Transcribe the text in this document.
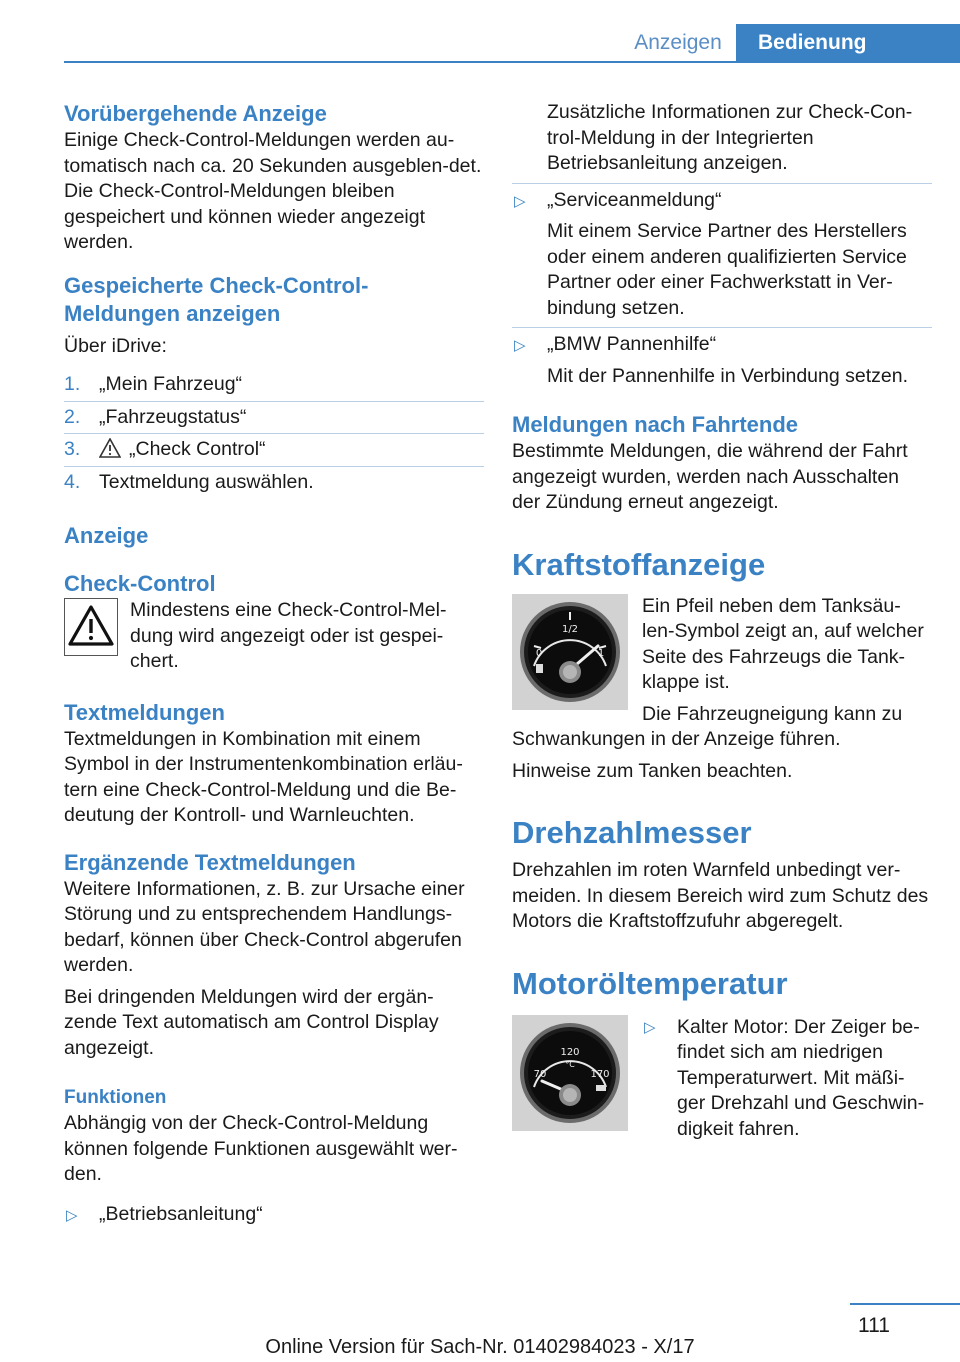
Anzeigen	Bedienung
Vorübergehende Anzeige

Einige Check-Control-Meldungen werden au-tomatisch nach ca. 20 Sekunden ausgeblen-det. Die Check-Control-Meldungen bleiben gespeichert und können wieder angezeigt werden.

Gespeicherte Check-Control-Meldungen anzeigen

Über iDrive:

1. „Mein Fahrzeug“
2. „Fahrzeugstatus“
3. „Check Control“
4. Textmeldung auswählen.
Anzeige
Check-Control

Mindestens eine Check-Control-Mel-dung wird angezeigt oder ist gespei-chert.

Textmeldungen

Textmeldungen in Kombination mit einem Symbol in der Instrumentenkombination erläu-tern eine Check-Control-Meldung und die Be-deutung der Kontroll- und Warnleuchten.

Ergänzende Textmeldungen

Weitere Informationen, z. B. zur Ursache einer Störung und zu entsprechendem Handlungs-bedarf, können über Check-Control abgerufen werden.

Bei dringenden Meldungen wird der ergän-zende Text automatisch am Control Display angezeigt.

Funktionen

Abhängig von der Check-Control-Meldung können folgende Funktionen ausgewählt wer-den.

▷ „Betriebsanleitung“

Zusätzliche Informationen zur Check-Con-trol-Meldung in der Integrierten Betriebsanleitung anzeigen.

▷ „Serviceanmeldung“

Mit einem Service Partner des Herstellers oder einem anderen qualifizierten Service Partner oder einer Fachwerkstatt in Ver-bindung setzen.

▷ „BMW Pannenhilfe“

Mit der Pannenhilfe in Verbindung setzen.

Meldungen nach Fahrtende

Bestimmte Meldungen, die während der Fahrt angezeigt wurden, werden nach Ausschalten der Zündung erneut angezeigt.

Kraftstoffanzeige
1/2
0	1

Ein Pfeil neben dem Tanksäu-len-Symbol zeigt an, auf welcher Seite des Fahrzeugs die Tank-klappe ist.

Die Fahrzeugneigung kann zu

Schwankungen in der Anzeige führen.

Hinweise zum Tanken beachten.

Drehzahlmesser

Drehzahlen im roten Warnfeld unbedingt ver-meiden. In diesem Bereich wird zum Schutz des Motors die Kraftstoffzufuhr abgeregelt.

Motoröltemperatur
120
°C
70	170
▷ Kalter Motor: Der Zeiger be-findet sich am niedrigen Temperaturwert. Mit mäßi-ger Drehzahl und Geschwin-digkeit fahren.

111
Online Version für Sach-Nr. 01402984023 - X/17
